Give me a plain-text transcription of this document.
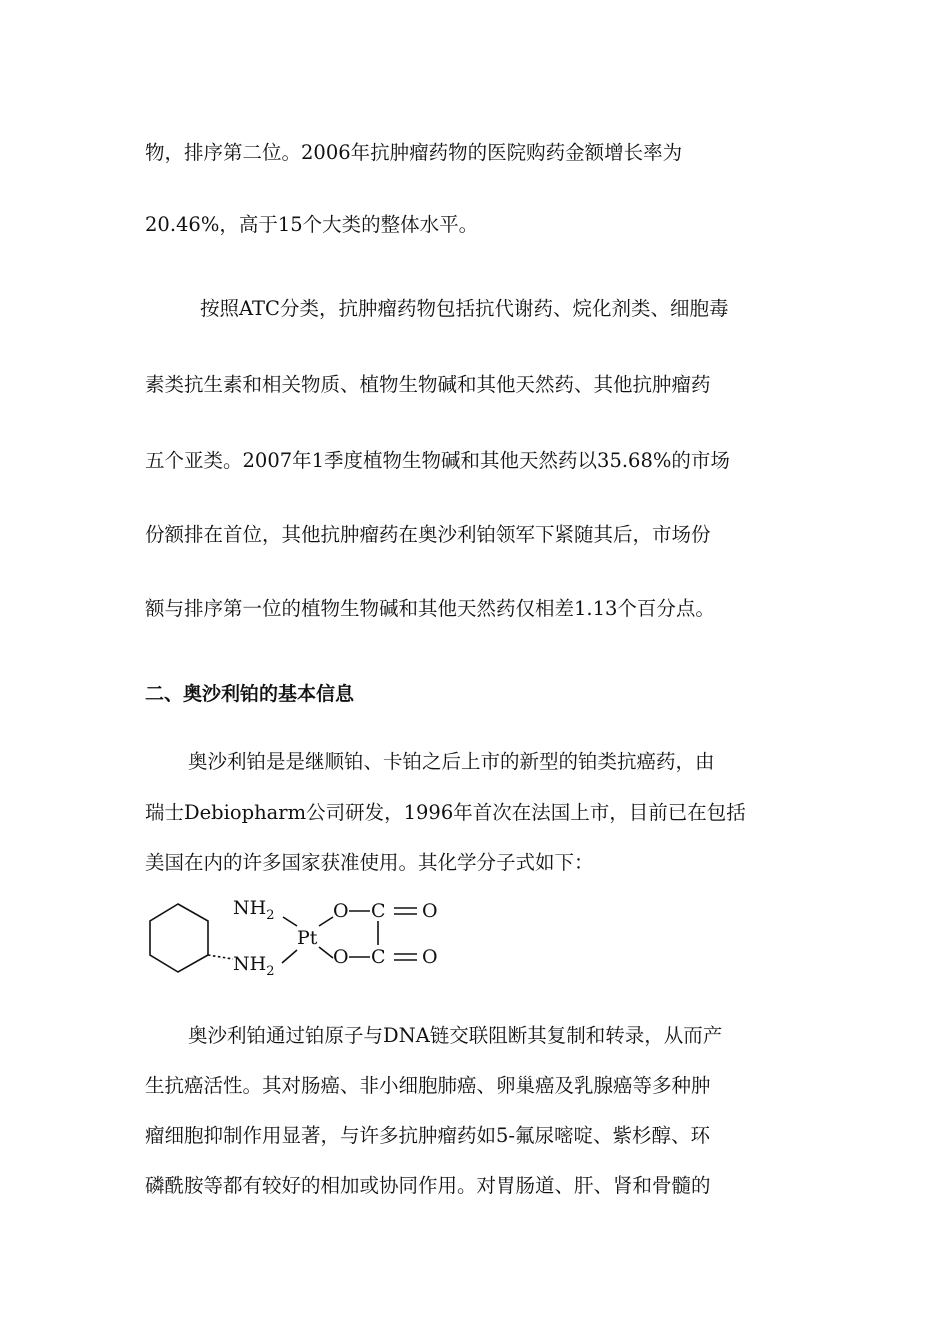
物，排序第二位。2006年抗肿瘤药物的医院购药金额增长率为
20.46%，高于15个大类的整体水平。
按照ATC分类，抗肿瘤药物包括抗代谢药、烷化剂类、细胞毒
素类抗生素和相关物质、植物生物碱和其他天然药、其他抗肿瘤药
五个亚类。2007年1季度植物生物碱和其他天然药以35.68%的市场
份额排在首位，其他抗肿瘤药在奥沙利铂领军下紧随其后，市场份
额与排序第一位的植物生物碱和其他天然药仅相差1.13个百分点。
二、奥沙利铂的基本信息
奥沙利铂是是继顺铂、卡铂之后上市的新型的铂类抗癌药，由
瑞士Debiopharm公司研发，1996年首次在法国上市，目前已在包括
美国在内的许多国家获准使用。其化学分子式如下：
$NH_2$
$NH_2$
Pt
O
O
C
C
O
O
奥沙利铂通过铂原子与DNA链交联阻断其复制和转录，从而产
生抗癌活性。其对肠癌、非小细胞肺癌、卵巢癌及乳腺癌等多种肿
瘤细胞抑制作用显著，与许多抗肿瘤药如5-氟尿嘧啶、紫杉醇、环
磷酰胺等都有较好的相加或协同作用。对胃肠道、肝、肾和骨髓的
